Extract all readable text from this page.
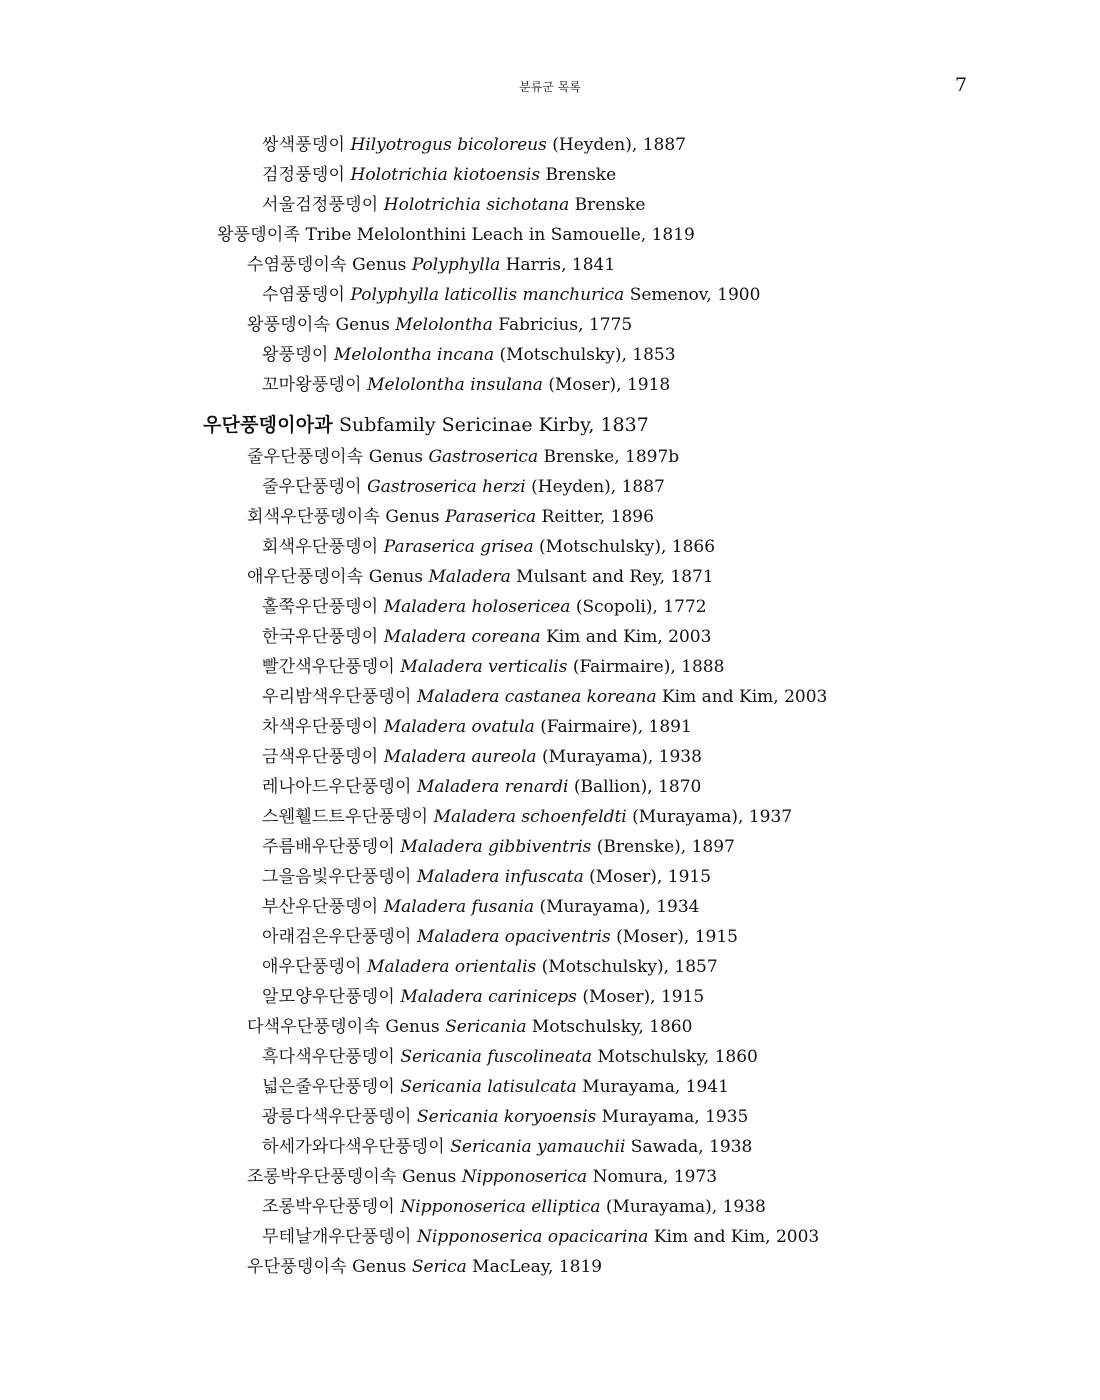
분류군 목록	7
쌍색풍뎅이 Hilyotrogus bicoloreus (Heyden), 1887
검정풍뎅이 Holotrichia kiotoensis Brenske
서울검정풍뎅이 Holotrichia sichotana Brenske
왕풍뎅이족 Tribe Melolonthini Leach in Samouelle, 1819
수염풍뎅이속 Genus Polyphylla Harris, 1841
수염풍뎅이 Polyphylla laticollis manchurica Semenov, 1900
왕풍뎅이속 Genus Melolontha Fabricius, 1775
왕풍뎅이 Melolontha incana (Motschulsky), 1853
꼬마왕풍뎅이 Melolontha insulana (Moser), 1918
우단풍뎅이아과 Subfamily Sericinae Kirby, 1837
줄우단풍뎅이속 Genus Gastroserica Brenske, 1897b
줄우단풍뎅이 Gastroserica herzi (Heyden), 1887
회색우단풍뎅이속 Genus Paraserica Reitter, 1896
회색우단풍뎅이 Paraserica grisea (Motschulsky), 1866
애우단풍뎅이속 Genus Maladera Mulsant and Rey, 1871
홀쭉우단풍뎅이 Maladera holosericea (Scopoli), 1772
한국우단풍뎅이 Maladera coreana Kim and Kim, 2003
빨간색우단풍뎅이 Maladera verticalis (Fairmaire), 1888
우리밤색우단풍뎅이 Maladera castanea koreana Kim and Kim, 2003
차색우단풍뎅이 Maladera ovatula (Fairmaire), 1891
금색우단풍뎅이 Maladera aureola (Murayama), 1938
레나아드우단풍뎅이 Maladera renardi (Ballion), 1870
스웬휄드트우단풍뎅이 Maladera schoenfeldti (Murayama), 1937
주름배우단풍뎅이 Maladera gibbiventris (Brenske), 1897
그을음빛우단풍뎅이 Maladera infuscata (Moser), 1915
부산우단풍뎅이 Maladera fusania (Murayama), 1934
아래검은우단풍뎅이 Maladera opaciventris (Moser), 1915
애우단풍뎅이 Maladera orientalis (Motschulsky), 1857
알모양우단풍뎅이 Maladera cariniceps (Moser), 1915
다색우단풍뎅이속 Genus Sericania Motschulsky, 1860
흑다색우단풍뎅이 Sericania fuscolineata Motschulsky, 1860
넓은줄우단풍뎅이 Sericania latisulcata Murayama, 1941
광릉다색우단풍뎅이 Sericania koryoensis Murayama, 1935
하세가와다색우단풍뎅이 Sericania yamauchii Sawada, 1938
조롱박우단풍뎅이속 Genus Nipponoserica Nomura, 1973
조롱박우단풍뎅이 Nipponoserica elliptica (Murayama), 1938
무테날개우단풍뎅이 Nipponoserica opacicarina Kim and Kim, 2003
우단풍뎅이속 Genus Serica MacLeay, 1819
